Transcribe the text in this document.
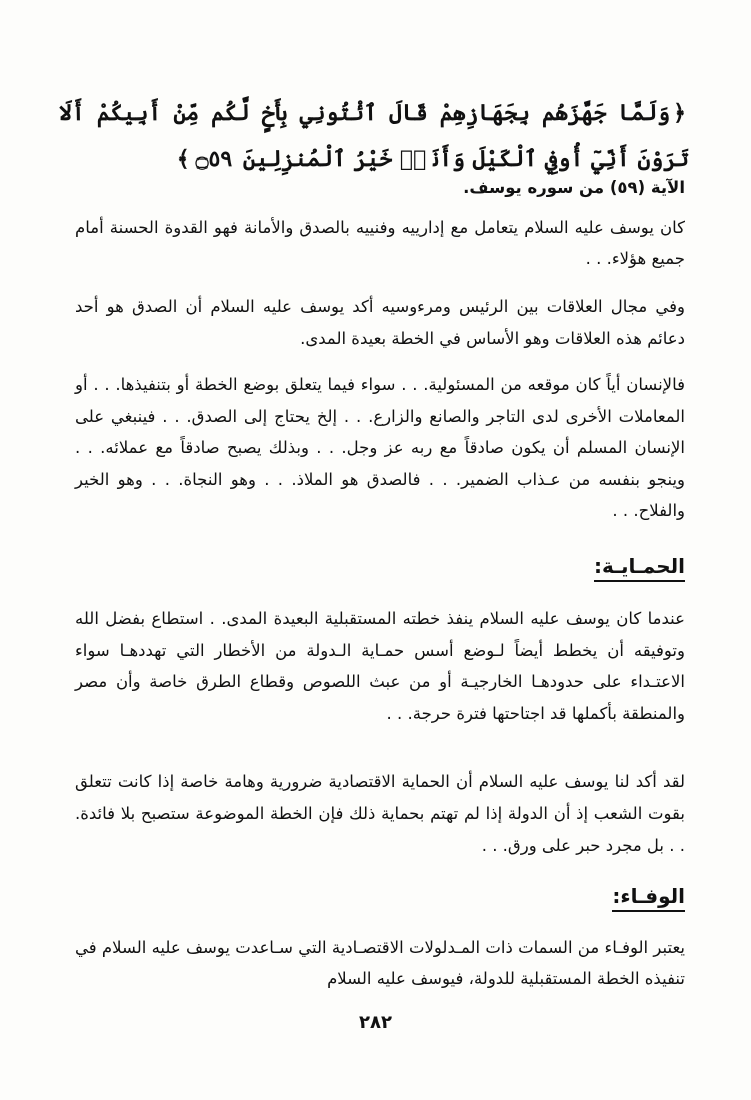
﴿وَلَمَّا جَهَّزَهُم بِجَهَازِهِمْ قَالَ ٱئْتُونِي بِأَخٍ لَّكُم مِّنْ أَبِيكُمْ أَلَا تَرَوْنَ أَنِّيٓ أُوفِي ٱلْكَيْلَ وَأَنَا۠ خَيْرُ ٱلْمُنزِلِينَ ۝٥٩﴾

الآية (٥٩) من سوره يوسف.

كان يوسف عليه السلام يتعامل مع إدارييه وفنييه بالصدق والأمانة فهو القدوة الحسنة أمام جميع هؤلاء. . .

وفي مجال العلاقات بين الرئيس ومرءوسيه أكد يوسف عليه السلام أن الصدق هو أحد دعائم هذه العلاقات وهو الأساس في الخطة بعيدة المدى.

فالإنسان أياً كان موقعه من المسئولية. . . سواء فيما يتعلق بوضع الخطة أو بتنفيذها. . . أو المعاملات الأخرى لدى التاجر والصانع والزارع. . . إلخ يحتاج إلى الصدق. . . فينبغي على الإنسان المسلم أن يكون صادقاً مع ربه عز وجل. . . وبذلك يصبح صادقاً مع عملائه. . . وينجو بنفسه من عـذاب الضمير. . . فالصدق هو الملاذ. . . وهو النجاة. . . وهو الخير والفلاح. . .

الحمـايـة:

عندما كان يوسف عليه السلام ينفذ خطته المستقبلية البعيدة المدى. . استطاع بفضل الله وتوفيقه أن يخطط أيضاً لـوضع أسس حمـاية الـدولة من الأخطار التي تهددهـا سواء الاعتـداء على حدودهـا الخارجيـة أو من عبث اللصوص وقطاع الطرق خاصة وأن مصر والمنطقة بأكملها قد اجتاحتها فترة حرجة. . .

لقد أكد لنا يوسف عليه السلام أن الحماية الاقتصادية ضرورية وهامة خاصة إذا كانت تتعلق بقوت الشعب إذ أن الدولة إذا لم تهتم بحماية ذلك فإن الخطة الموضوعة ستصبح بلا فائدة. . . بل مجرد حبر على ورق. . .

الوفـاء:

يعتبر الوفـاء من السمات ذات المـدلولات الاقتصـادية التي سـاعدت يوسف عليه السلام في تنفيذه الخطة المستقبلية للدولة، فيوسف عليه السلام

٢٨٢
